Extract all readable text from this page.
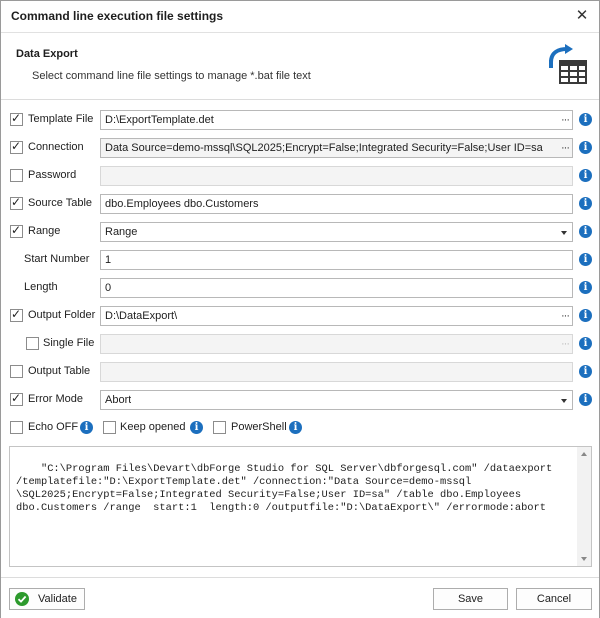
Command line execution file settings	✕
Data Export
Select command line file settings to manage *.bat file text
✓
Template File	D:\ExportTemplate.det	···	i
✓
Connection	Data Source=demo-mssql\SQL2025;Encrypt=False;Integrated Security=False;User ID=sa ···	i
Password	i
✓
Source Table	dbo.Employees dbo.Customers	i
✓
Range	Range	i
Start Number	1	i
Length	0	i
✓
Output Folder D:\DataExport\	···	i
Single File	···	i
Output Table	i
✓
Error Mode	Abort	i
Echo OFF i	Keep opened i	PowerShell i

"C:\Program Files\Devart\dbForge Studio for SQL Server\dbforgesql.com" /dataexport
/templatefile:"D:\ExportTemplate.det" /connection:"Data Source=demo-mssql
\SQL2025;Encrypt=False;Integrated Security=False;User ID=sa" /table dbo.Employees
dbo.Customers /range  start:1  length:0 /outputfile:"D:\DataExport\" /errormode:abort

Validate	Save	Cancel
